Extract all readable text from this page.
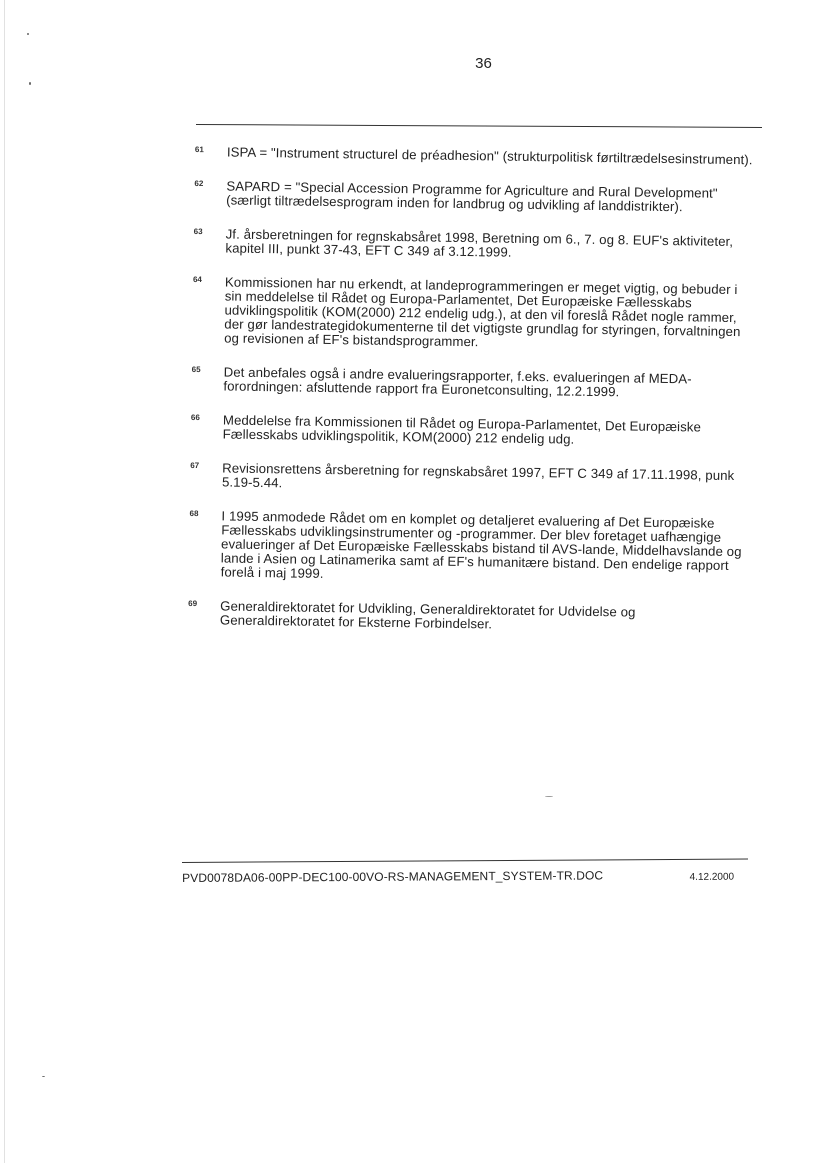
36
61 ISPA = "Instrument structurel de préadhesion" (strukturpolitisk førtiltrædelsesinstrument).
62 SAPARD = "Special Accession Programme for Agriculture and Rural Development" (særligt tiltrædelsesprogram inden for landbrug og udvikling af landdistrikter).
63 Jf. årsberetningen for regnskabsåret 1998, Beretning om 6., 7. og 8. EUF's aktiviteter, kapitel III, punkt 37-43, EFT C 349 af 3.12.1999.
64 Kommissionen har nu erkendt, at landeprogrammeringen er meget vigtig, og bebuder i sin meddelelse til Rådet og Europa-Parlamentet, Det Europæiske Fællesskabs udviklingspolitik (KOM(2000) 212 endelig udg.), at den vil foreslå Rådet nogle rammer, der gør landestrategidokumenterne til det vigtigste grundlag for styringen, forvaltningen og revisionen af EF's bistandsprogrammer.
65 Det anbefales også i andre evalueringsrapporter, f.eks. evalueringen af MEDA-forordningen: afsluttende rapport fra Euronetconsulting, 12.2.1999.
66 Meddelelse fra Kommissionen til Rådet og Europa-Parlamentet, Det Europæiske Fællesskabs udviklingspolitik, KOM(2000) 212 endelig udg.
67 Revisionsrettens årsberetning for regnskabsåret 1997, EFT C 349 af 17.11.1998, punk 5.19-5.44.
68 I 1995 anmodede Rådet om en komplet og detaljeret evaluering af Det Europæiske Fællesskabs udviklingsinstrumenter og -programmer. Der blev foretaget uafhængige evalueringer af Det Europæiske Fællesskabs bistand til AVS-lande, Middelhavslande og lande i Asien og Latinamerika samt af EF's humanitære bistand. Den endelige rapport forelå i maj 1999.
69 Generaldirektoratet for Udvikling, Generaldirektoratet for Udvidelse og Generaldirektoratet for Eksterne Forbindelser.
PVD0078DA06-00PP-DEC100-00VO-RS-MANAGEMENT_SYSTEM-TR.DOC	4.12.2000
